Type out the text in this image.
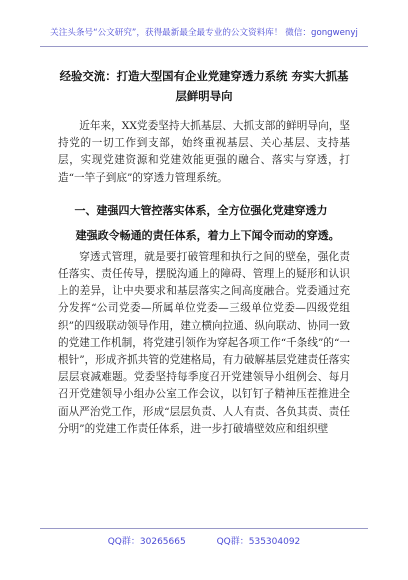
关注头条号“公文研究”，获得最新最全最专业的公文资料库！ 微信：gongwenyj
经验交流：打造大型国有企业党建穿透力系统 夯实大抓基层鲜明导向

近年来，XX党委坚持大抓基层、大抓支部的鲜明导向，坚持党的一切工作到支部，始终重视基层、关心基层、支持基层，实现党建资源和党建效能更强的融合、落实与穿透，打造“一竿子到底”的穿透力管理系统。

一、建强四大管控落实体系，全方位强化党建穿透力
建强政令畅通的责任体系，着力上下闻令而动的穿透。

穿透式管理，就是要打破管理和执行之间的壁垒，强化责任落实、责任传导，摆脱沟通上的障碍、管理上的疑形和认识上的差异，让中央要求和基层落实之间高度融合。党委通过充分发挥“公司党委—所属单位党委—三级单位党委—四级党组织”的四级联动领导作用，建立横向拉通、纵向联动、协同一致的党建工作机制，将党建引领作为穿起各项工作“千条线”的“一根针”，形成齐抓共管的党建格局，有力破解基层党建责任落实层层衰减难题。党委坚持每季度召开党建领导小组例会、每月召开党建领导小组办公室工作会议，以钉钉子精神压茬推进全面从严治党工作，形成“层层负责、人人有责、各负其责、责任分明”的党建工作责任体系，进一步打破墙壁效应和组织壁

QQ群：30265665	QQ群：535304092
